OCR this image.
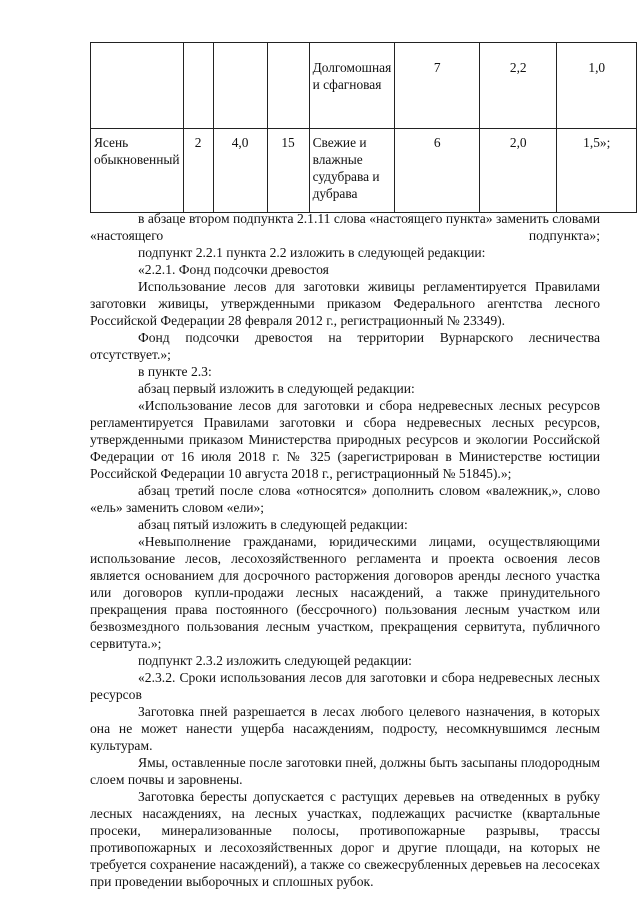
				Долгомошная и сфагновая	7	2,2	1,0
Ясень обыкновенный	2	4,0	15	Свежие и влажные судубрава и дубрава	6	2,0	1,5»;

в абзаце втором подпункта 2.1.11 слова «настоящего пункта» заменить словами «настоящего подпункта»;

подпункт 2.2.1 пункта 2.2 изложить в следующей редакции:

«2.2.1. Фонд подсочки древостоя

Использование лесов для заготовки живицы регламентируется Правилами заготовки живицы, утвержденными приказом Федерального агентства лесного Российской Федерации 28 февраля 2012 г., регистрационный № 23349).

Фонд подсочки древостоя на территории Вурнарского лесничества отсутствует.»;

в пункте 2.3:

абзац первый изложить в следующей редакции:

«Использование лесов для заготовки и сбора недревесных лесных ресурсов регламентируется Правилами заготовки и сбора недревесных лесных ресурсов, утвержденными приказом Министерства природных ресурсов и экологии Российской Федерации от 16 июля 2018 г. № 325 (зарегистрирован в Министерстве юстиции Российской Федерации 10 августа 2018 г., регистрационный № 51845).»;

абзац третий после слова «относятся» дополнить словом «валежник,», слово «ель» заменить словом «ели»;

абзац пятый изложить в следующей редакции:

«Невыполнение гражданами, юридическими лицами, осуществляющими использование лесов, лесохозяйственного регламента и проекта освоения лесов является основанием для досрочного расторжения договоров аренды лесного участка или договоров купли-продажи лесных насаждений, а также принудительного прекращения права постоянного (бессрочного) пользования лесным участком или безвозмездного пользования лесным участком, прекращения сервитута, публичного сервитута.»;

подпункт 2.3.2 изложить следующей редакции:

«2.3.2. Сроки использования лесов для заготовки и сбора недревесных лесных ресурсов

Заготовка пней разрешается в лесах любого целевого назначения, в которых она не может нанести ущерба насаждениям, подросту, несомкнувшимся лесным культурам.

Ямы, оставленные после заготовки пней, должны быть засыпаны плодородным слоем почвы и заровнены.

Заготовка бересты допускается с растущих деревьев на отведенных в рубку лесных насаждениях, на лесных участках, подлежащих расчистке (квартальные просеки, минерализованные полосы, противопожарные разрывы, трассы противопожарных и лесохозяйственных дорог и другие площади, на которых не требуется сохранение насаждений), а также со свежесрубленных деревьев на лесосеках при проведении выборочных и сплошных рубок.
